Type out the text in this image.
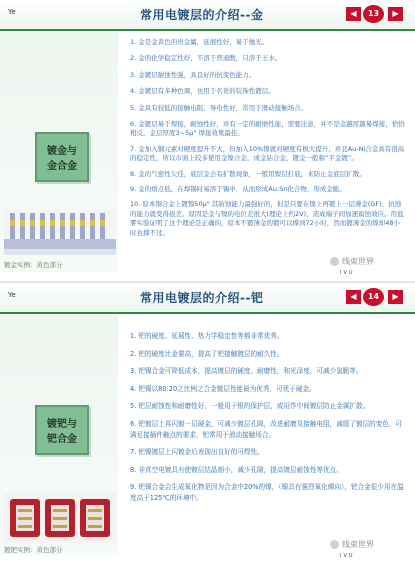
Ye	常用电镀层的介绍--金	◀	13	▶
镀金与
金合金
镀金实例：黄色部分
1. 金是金黄色的贵金属，延展性好，易于抛光。
2. 金的化学稳定性好，不溶于普通酸，只溶于王水。
3. 金镀层耐蚀性强，具良好的抗变色能力。
4. 金镀层有多种色调，也用于名贵的装饰性镀层。
5. 金具有较低的接触电阻、导电性好，常用于滑动接触场合。
6. 金镀层易于焊接，耐蚀性好，并有一定的耐磨性能，需要注意，并不是金越厚越易焊接，恰恰相反，金层厚度3~5μ" 焊接效果最佳。
7. 金加入铜元素对硬度提升不大，但加入10%镍就对硬度有极大提升，并且Au-Ni合金具有很高的稳定性，所以市面上较多使用金镍合金，或金钴合金，镀金一般称“半金镀”。
8. 金的气密性欠佳，底层金会有扩散现象，一般用镍层打底，来防止金底层扩散。
9. 金的熔点低，在焊锡时易溶于锡中，从而形成Au-Sn化合物，形成金脆。
10. 原本铜合金上镀镍50μ" 其防蚀能力最强好的，但是只要在镍上再镀上一层薄金(GF)，抗蚀的能力就变得很差。原因是金与镍的电位差很大(理论上约2V)，造成端子间加速腐蚀效应。用盐雾实验证明了这个理论是正确的，原本不镀薄金的镀可以撑到72小时，然而镀薄金的镍却48小时也撑不过。
IVU
线束世界
Ye	常用电镀层的介绍--钯	◀	14	▶
镀钯与
钯合金
镀钯实例：黄色部分
1. 钯的硬度、延展性、热力学稳定性等都非常优秀。
2. 钯的硬度比金要高，提高了钯接触镀层的耐久性。
3. 钯镍合金可降低成本，提高镀层的硬度、耐磨性，和光泽度，可减少氢脆等。
4. 钯镍以80:20之比例之合金镀层性能最为优秀，可优于硬金。
5. 钯层耐蚀性和耐磨性好，一般用于银的保护层，或用作中间镀层防止金属扩散。
6. 钯镀层上再闪镀一层硬金，可减少镀层孔隙，改进耐磨及接触电阻，减缓了镀层的变色，可满足接插件触点的要求，钯常用于滑动接触场合。
7. 钯镍镀层上闪镀金后表现出良好的可焊性。
8. 非真空电镀具有使镀层结晶细小，减少孔隙，提高镀层耐蚀性等优点。
9. 钯镍合金会生成氧化物是因为合金中20%的镍，（镍具有强烈氧化倾向），钯合金很少用在温度高于125℃的环境中。
IVU
线束世界
